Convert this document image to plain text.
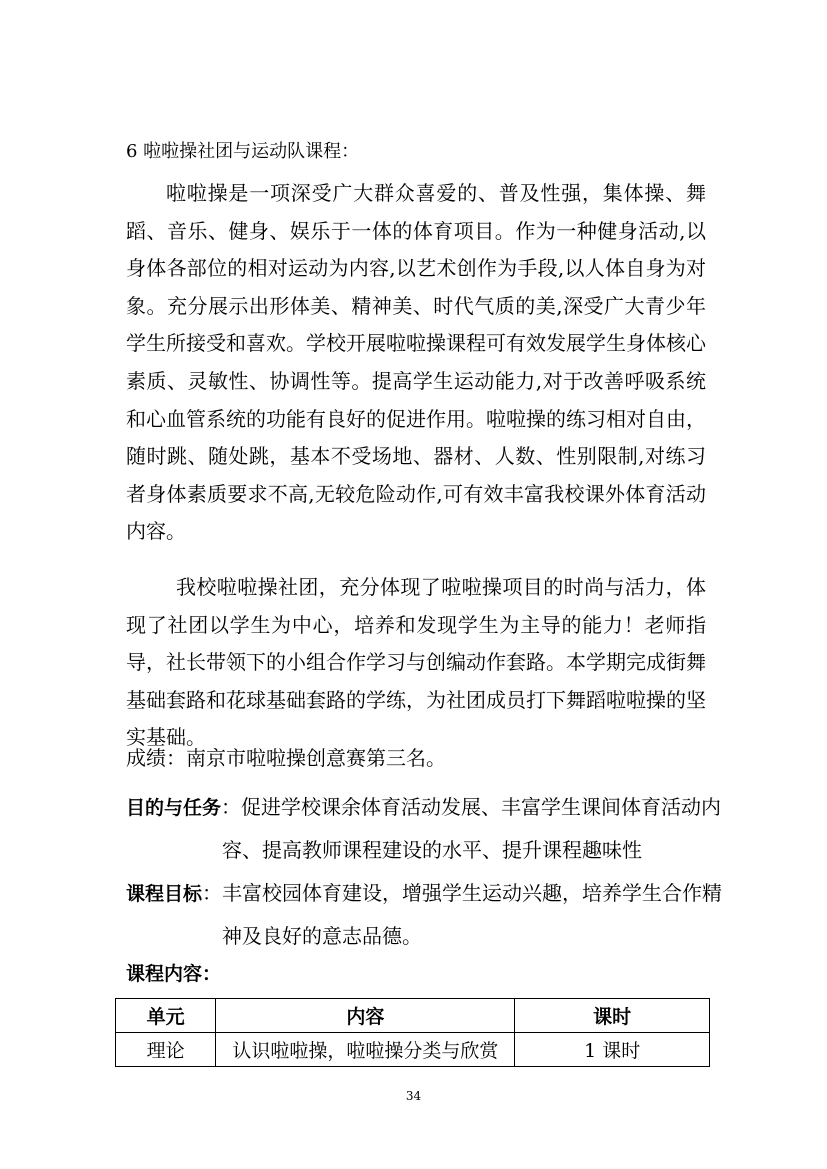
6 啦啦操社团与运动队课程：

啦啦操是一项深受广大群众喜爱的、普及性强，集体操、舞蹈、音乐、健身、娱乐于一体的体育项目。作为一种健身活动,以身体各部位的相对运动为内容,以艺术创作为手段,以人体自身为对象。充分展示出形体美、精神美、时代气质的美,深受广大青少年学生所接受和喜欢。学校开展啦啦操课程可有效发展学生身体核心素质、灵敏性、协调性等。提高学生运动能力,对于改善呼吸系统和心血管系统的功能有良好的促进作用。啦啦操的练习相对自由，随时跳、随处跳，基本不受场地、器材、人数、性别限制,对练习者身体素质要求不高,无较危险动作,可有效丰富我校课外体育活动内容。

我校啦啦操社团，充分体现了啦啦操项目的时尚与活力，体现了社团以学生为中心，培养和发现学生为主导的能力！老师指导，社长带领下的小组合作学习与创编动作套路。本学期完成街舞基础套路和花球基础套路的学练，为社团成员打下舞蹈啦啦操的坚实基础。

成绩：南京市啦啦操创意赛第三名。
目的与任务：促进学校课余体育活动发展、丰富学生课间体育活动内
容、提高教师课程建设的水平、提升课程趣味性
课程目标：丰富校园体育建设，增强学生运动兴趣，培养学生合作精
神及良好的意志品德。
课程内容：
单元	内容	课时
理论	认识啦啦操，啦啦操分类与欣赏	1 课时
34
